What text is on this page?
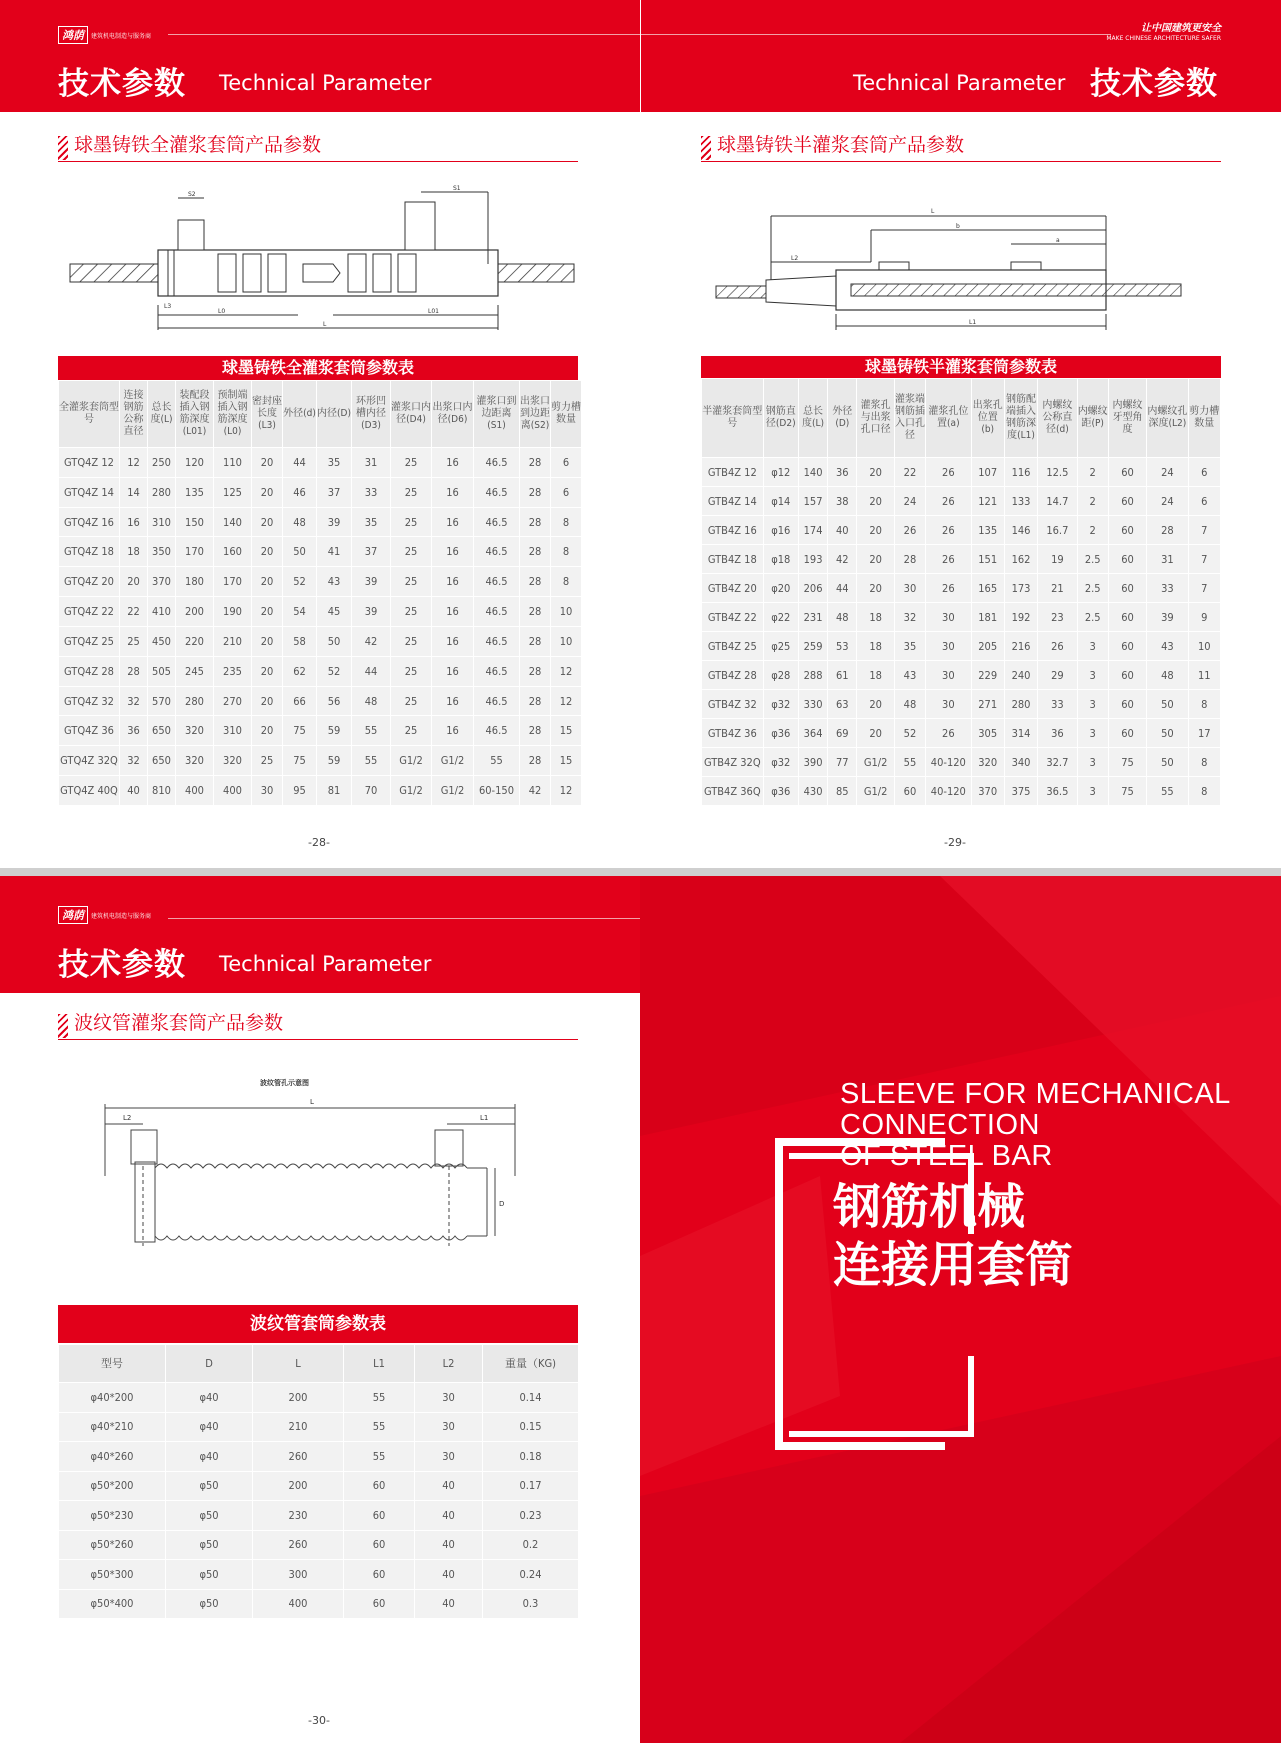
鸿荫	建筑机电制造与服务商
技术参数 Technical Parameter
球墨铸铁全灌浆套筒产品参数
L
L0	L01
L3
S1
S2
球墨铸铁全灌浆套筒参数表
全灌浆套筒型号	连接钢筋公称直径	总长度(L)	装配段插入钢筋深度(L01)	预制端插入钢筋深度(L0)	密封座长度(L3)	外径(d)	内径(D)	环形凹槽内径(D3)	灌浆口内径(D4)	出浆口内径(D6)	灌浆口到边距离(S1)	出浆口到边距离(S2)	剪力槽数量
GTQ4Z 12	12	250	120	110	20	44	35	31	25	16	46.5	28	6
GTQ4Z 14	14	280	135	125	20	46	37	33	25	16	46.5	28	6
GTQ4Z 16	16	310	150	140	20	48	39	35	25	16	46.5	28	8
GTQ4Z 18	18	350	170	160	20	50	41	37	25	16	46.5	28	8
GTQ4Z 20	20	370	180	170	20	52	43	39	25	16	46.5	28	8
GTQ4Z 22	22	410	200	190	20	54	45	39	25	16	46.5	28	10
GTQ4Z 25	25	450	220	210	20	58	50	42	25	16	46.5	28	10
GTQ4Z 28	28	505	245	235	20	62	52	44	25	16	46.5	28	12
GTQ4Z 32	32	570	280	270	20	66	56	48	25	16	46.5	28	12
GTQ4Z 36	36	650	320	310	20	75	59	55	25	16	46.5	28	15
GTQ4Z 32Q	32	650	320	320	25	75	59	55	G1/2	G1/2	55	28	15
GTQ4Z 40Q	40	810	400	400	30	95	81	70	G1/2	G1/2	60-150	42	12
-28-
让中国建筑更安全
MAKE CHINESE ARCHITECTURE SAFER
Technical Parameter 技术参数
球墨铸铁半灌浆套筒产品参数
L
b
a
L1
L2
球墨铸铁半灌浆套筒参数表
半灌浆套筒型号	钢筋直径(D2)	总长度(L)	外径(D)	灌浆孔与出浆孔口径	灌浆端钢筋插入口孔径	灌浆孔位置(a)	出浆孔位置(b)	钢筋配端插入钢筋深度(L1)	内螺纹公称直径(d)	内螺纹距(P)	内螺纹牙型角度	内螺纹孔深度(L2)	剪力槽数量
GTB4Z 12	φ12	140	36	20	22	26	107	116	12.5	2	60	24	6
GTB4Z 14	φ14	157	38	20	24	26	121	133	14.7	2	60	24	6
GTB4Z 16	φ16	174	40	20	26	26	135	146	16.7	2	60	28	7
GTB4Z 18	φ18	193	42	20	28	26	151	162	19	2.5	60	31	7
GTB4Z 20	φ20	206	44	20	30	26	165	173	21	2.5	60	33	7
GTB4Z 22	φ22	231	48	18	32	30	181	192	23	2.5	60	39	9
GTB4Z 25	φ25	259	53	18	35	30	205	216	26	3	60	43	10
GTB4Z 28	φ28	288	61	18	43	30	229	240	29	3	60	48	11
GTB4Z 32	φ32	330	63	20	48	30	271	280	33	3	60	50	8
GTB4Z 36	φ36	364	69	20	52	26	305	314	36	3	60	50	17
GTB4Z 32Q	φ32	390	77	G1/2	55	40-120	320	340	32.7	3	75	50	8
GTB4Z 36Q	φ36	430	85	G1/2	60	40-120	370	375	36.5	3	75	55	8
-29-
鸿荫	建筑机电制造与服务商
技术参数 Technical Parameter
波纹管灌浆套筒产品参数
波纹管孔示意图
L
L2	L1
D
波纹管套筒参数表
型号	D	L	L1	L2	重量（KG)
φ40*200	φ40	200	55	30	0.14
φ40*210	φ40	210	55	30	0.15
φ40*260	φ40	260	55	30	0.18
φ50*200	φ50	200	60	40	0.17
φ50*230	φ50	230	60	40	0.23
φ50*260	φ50	260	60	40	0.2
φ50*300	φ50	300	60	40	0.24
φ50*400	φ50	400	60	40	0.3
-30-
SLEEVE FOR MECHANICAL
CONNECTION
OF STEEL BAR
钢筋机械
连接用套筒
